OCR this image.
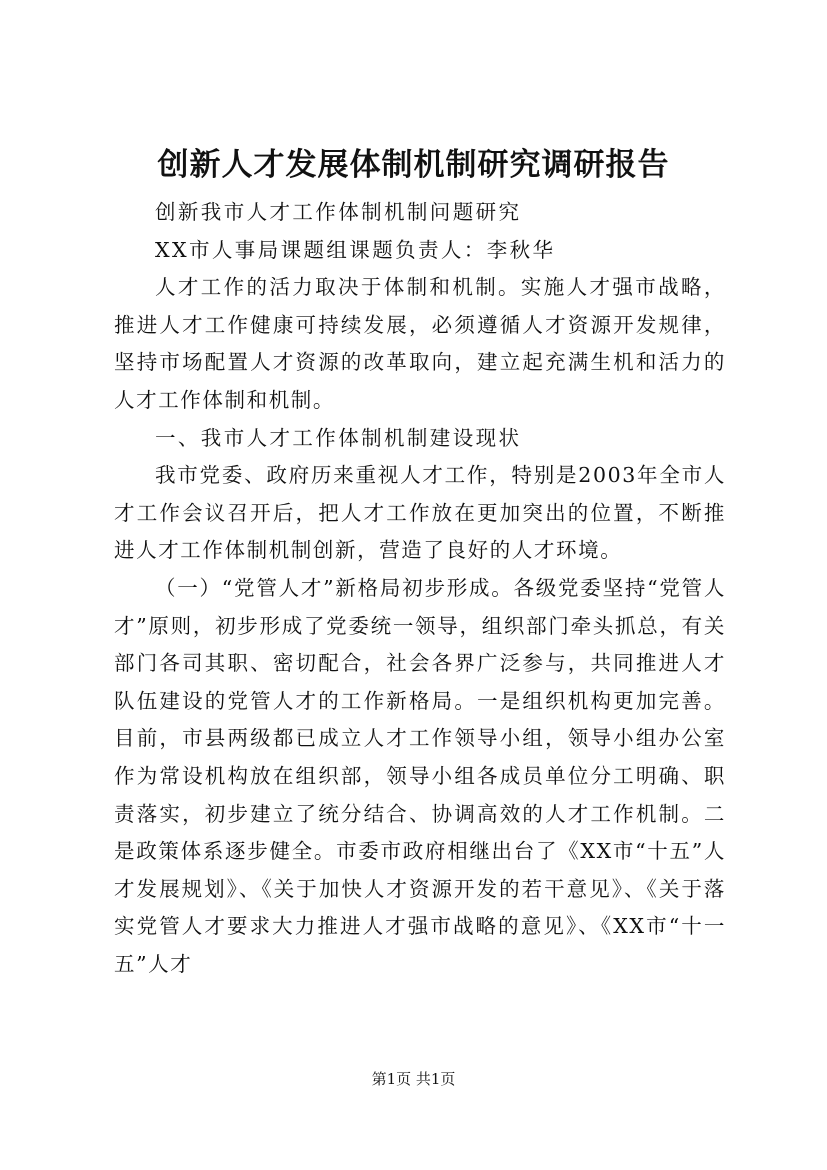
创新人才发展体制机制研究调研报告

创新我市人才工作体制机制问题研究

XX市人事局课题组课题负责人：李秋华

人才工作的活力取决于体制和机制。实施人才强市战略，推进人才工作健康可持续发展，必须遵循人才资源开发规律，坚持市场配置人才资源的改革取向，建立起充满生机和活力的人才工作体制和机制。

一、我市人才工作体制机制建设现状

我市党委、政府历来重视人才工作，特别是2003年全市人才工作会议召开后，把人才工作放在更加突出的位置，不断推进人才工作体制机制创新，营造了良好的人才环境。

（一）“党管人才”新格局初步形成。各级党委坚持“党管人才”原则，初步形成了党委统一领导，组织部门牵头抓总，有关部门各司其职、密切配合，社会各界广泛参与，共同推进人才队伍建设的党管人才的工作新格局。一是组织机构更加完善。目前，市县两级都已成立人才工作领导小组，领导小组办公室作为常设机构放在组织部，领导小组各成员单位分工明确、职责落实，初步建立了统分结合、协调高效的人才工作机制。二是政策体系逐步健全。市委市政府相继出台了《XX市“十五”人才发展规划》、《关于加快人才资源开发的若干意见》、《关于落实党管人才要求大力推进人才强市战略的意见》、《XX市“十一五”人才

第1页 共1页
